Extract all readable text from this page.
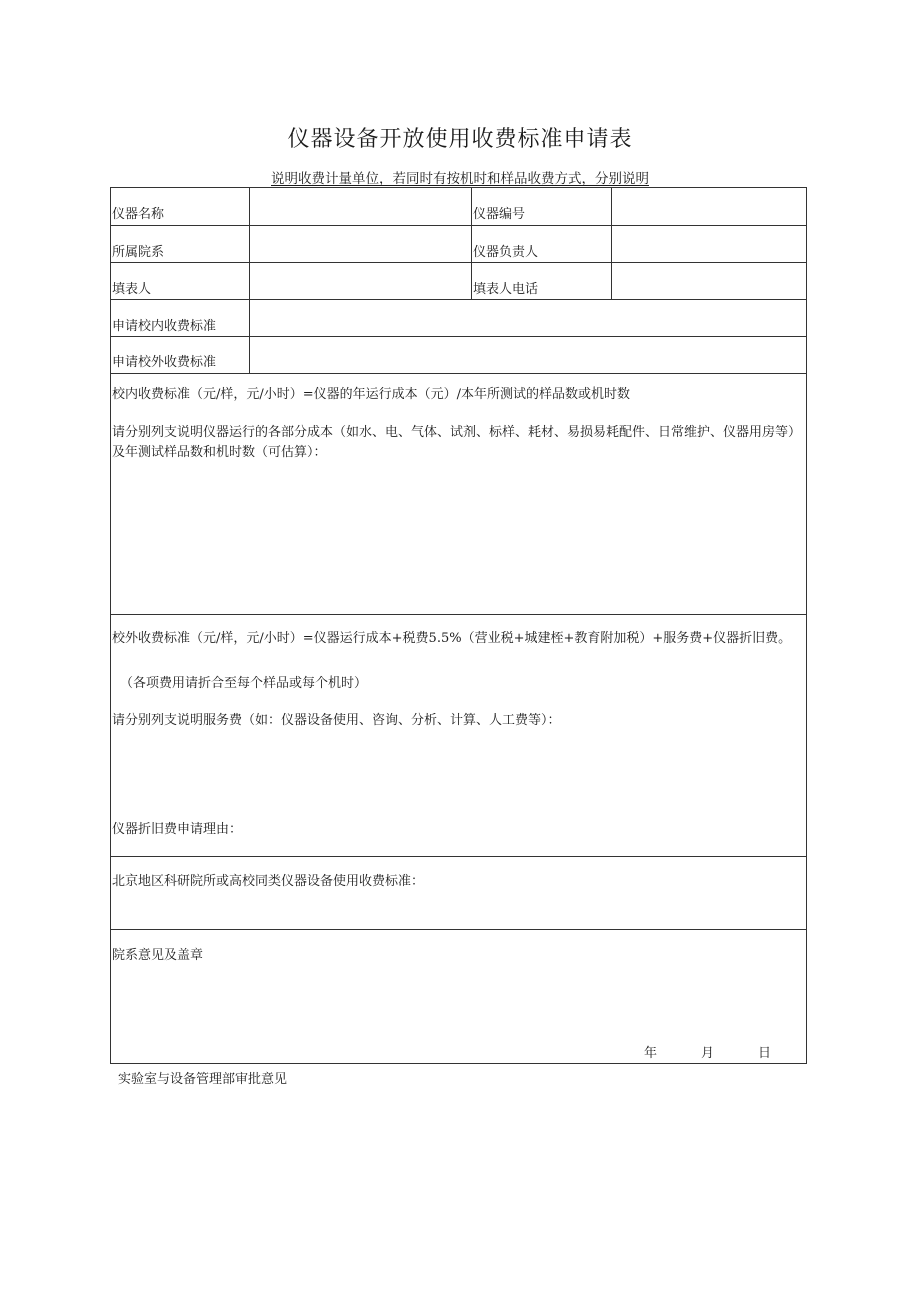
仪器设备开放使用收费标准申请表
说明收费计量单位，若同时有按机时和样品收费方式，分别说明
仪器名称	仪器编号
所属院系	仪器负责人
填表人	填表人电话
申请校内收费标准
申请校外收费标准
校内收费标准（元/样，元/小时）=仪器的年运行成本（元）/本年所测试的样品数或机时数
请分别列支说明仪器运行的各部分成本（如水、电、气体、试剂、标样、耗材、易损易耗配件、日常维护、仪器用房等）及年测试样品数和机时数（可估算）：
校外收费标准（元/样，元/小时）=仪器运行成本+税费5.5%（营业税+城建桎+教育附加税）+服务费+仪器折旧费。
（各项费用请折合至每个样品或每个机时）
请分别列支说明服务费（如：仪器设备使用、咨询、分析、计算、人工费等）：
仪器折旧费申请理由：
北京地区科研院所或高校同类仪器设备使用收费标准：
院系意见及盖章
年	月	日
实验室与设备管理部审批意见
